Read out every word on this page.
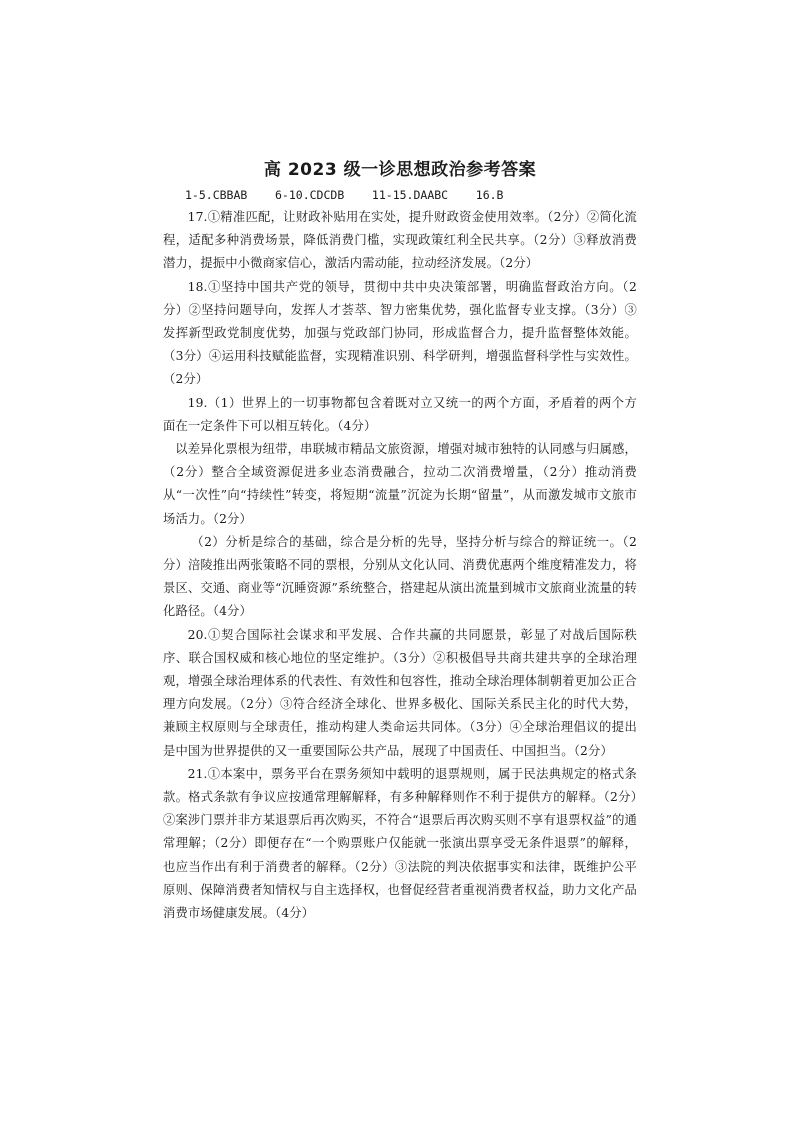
高 2023 级一诊思想政治参考答案
1-5.CBBAB    6-10.CDCDB    11-15.DAABC    16.B

17.①精准匹配，让财政补贴用在实处，提升财政资金使用效率。（2分）②简化流程，适配多种消费场景，降低消费门槛，实现政策红利全民共享。（2分）③释放消费潜力，提振中小微商家信心，激活内需动能，拉动经济发展。（2分）

18.①坚持中国共产党的领导，贯彻中共中央决策部署，明确监督政治方向。（2分）②坚持问题导向，发挥人才荟萃、智力密集优势，强化监督专业支撑。（3分）③发挥新型政党制度优势，加强与党政部门协同，形成监督合力，提升监督整体效能。（3分）④运用科技赋能监督，实现精准识别、科学研判，增强监督科学性与实效性。（2分）

19.（1）世界上的一切事物都包含着既对立又统一的两个方面，矛盾着的两个方面在一定条件下可以相互转化。（4分）

以差异化票根为纽带，串联城市精品文旅资源，增强对城市独特的认同感与归属感，（2分）整合全域资源促进多业态消费融合，拉动二次消费增量，（2分）推动消费从“一次性”向“持续性”转变，将短期“流量”沉淀为长期“留量”，从而激发城市文旅市场活力。（2分）

（2）分析是综合的基础，综合是分析的先导，坚持分析与综合的辩证统一。（2分）涪陵推出两张策略不同的票根，分别从文化认同、消费优惠两个维度精准发力，将景区、交通、商业等“沉睡资源”系统整合，搭建起从演出流量到城市文旅商业流量的转化路径。（4分）

20.①契合国际社会谋求和平发展、合作共赢的共同愿景，彰显了对战后国际秩序、联合国权威和核心地位的坚定维护。（3分）②积极倡导共商共建共享的全球治理观，增强全球治理体系的代表性、有效性和包容性，推动全球治理体制朝着更加公正合理方向发展。（2分）③符合经济全球化、世界多极化、国际关系民主化的时代大势，兼顾主权原则与全球责任，推动构建人类命运共同体。（3分）④全球治理倡议的提出是中国为世界提供的又一重要国际公共产品，展现了中国责任、中国担当。（2分）

21.①本案中，票务平台在票务须知中载明的退票规则，属于民法典规定的格式条款。格式条款有争议应按通常理解解释，有多种解释则作不利于提供方的解释。（2分）②案涉门票并非方某退票后再次购买，不符合“退票后再次购买则不享有退票权益”的通常理解；（2分）即便存在“一个购票账户仅能就一张演出票享受无条件退票”的解释，也应当作出有利于消费者的解释。（2分）③法院的判决依据事实和法律，既维护公平原则、保障消费者知情权与自主选择权，也督促经营者重视消费者权益，助力文化产品消费市场健康发展。（4分）
